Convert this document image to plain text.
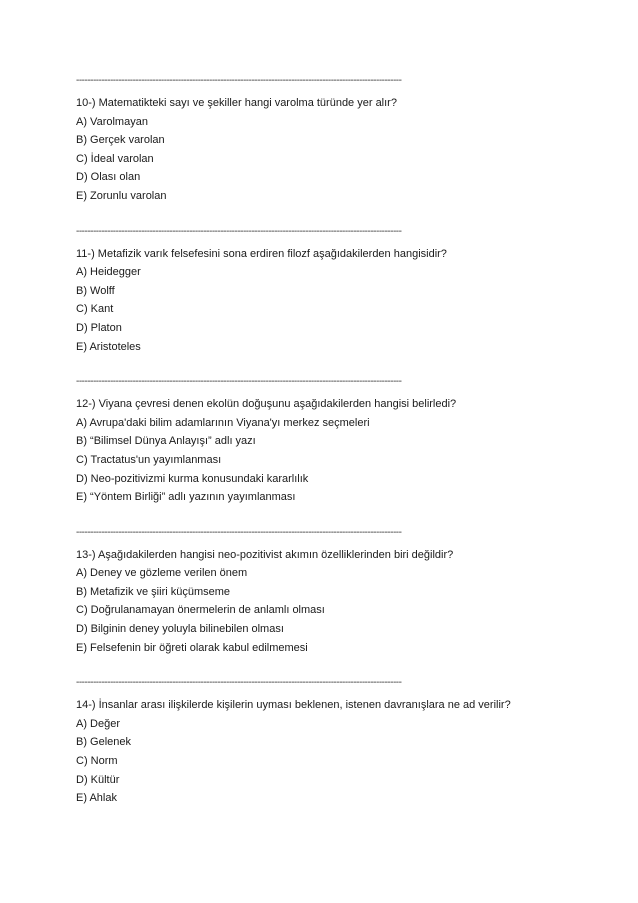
-------------------------------------------------------------------------------------------------------------------
10-) Matematikteki sayı ve şekiller hangi varolma türünde yer alır?
A) Varolmayan
B) Gerçek varolan
C) İdeal varolan
D) Olası olan
E) Zorunlu varolan
-------------------------------------------------------------------------------------------------------------------
11-) Metafizik varık felsefesini sona erdiren filozf aşağıdakilerden hangisidir?
A) Heidegger
B) Wolff
C) Kant
D) Platon
E) Aristoteles
-------------------------------------------------------------------------------------------------------------------
12-) Viyana çevresi denen ekolün doğuşunu aşağıdakilerden hangisi belirledi?
A) Avrupa'daki bilim adamlarının Viyana'yı merkez seçmeleri
B) “Bilimsel Dünya Anlayışı” adlı yazı
C) Tractatus'un yayımlanması
D) Neo-pozitivizmi kurma konusundaki kararlılık
E) “Yöntem Birliği” adlı yazının yayımlanması
-------------------------------------------------------------------------------------------------------------------
13-) Aşağıdakilerden hangisi neo-pozitivist akımın özelliklerinden biri değildir?
A) Deney ve gözleme verilen önem
B) Metafizik ve şiiri küçümseme
C) Doğrulanamayan önermelerin de anlamlı olması
D) Bilginin deney yoluyla bilinebilen olması
E) Felsefenin bir öğreti olarak kabul edilmemesi
-------------------------------------------------------------------------------------------------------------------
14-) İnsanlar arası ilişkilerde kişilerin uyması beklenen, istenen davranışlara ne ad verilir?
A) Değer
B) Gelenek
C) Norm
D) Kültür
E) Ahlak
